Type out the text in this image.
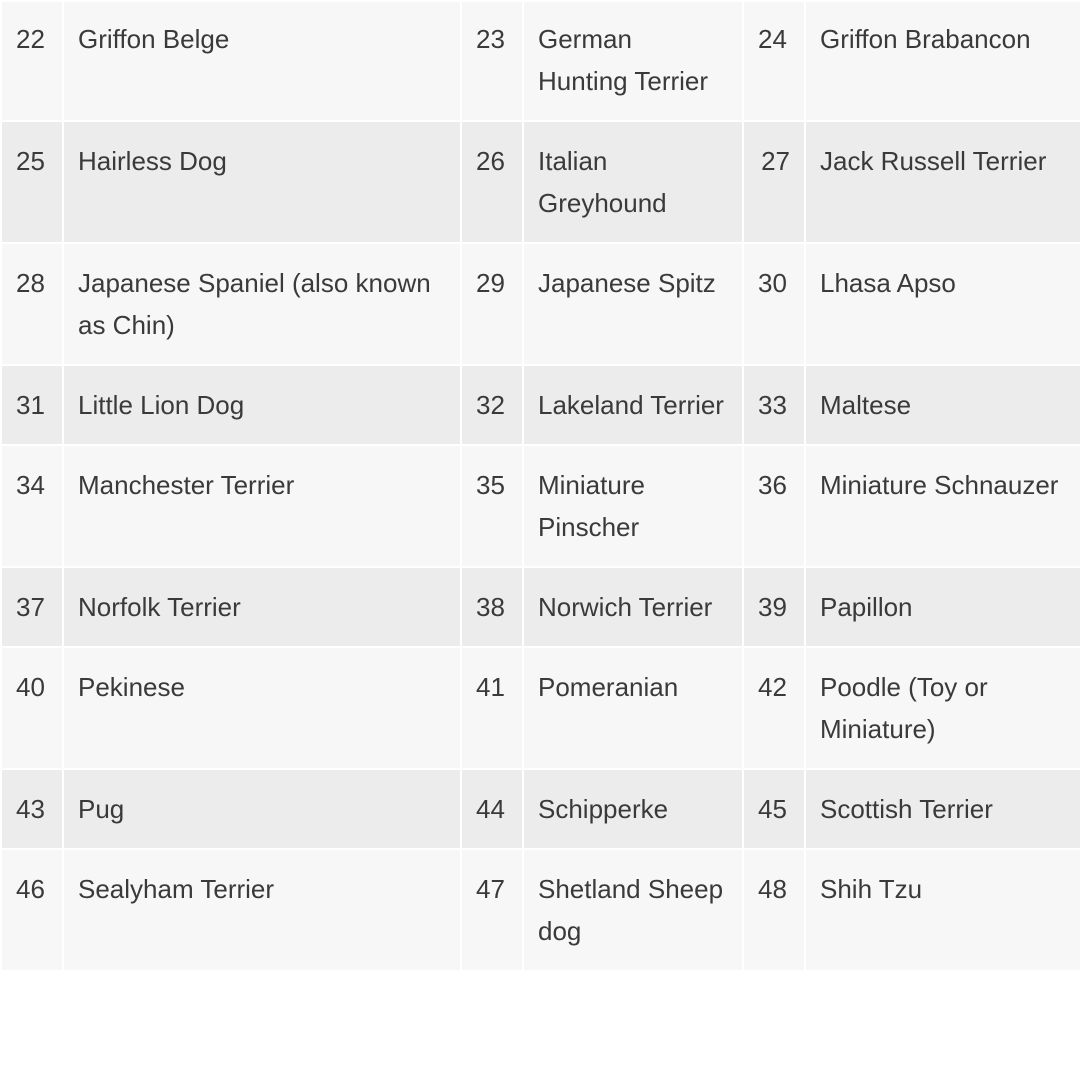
22	Griffon Belge	23	German Hunting Terrier	24	Griffon Brabancon
25	Hairless Dog	26	Italian Greyhound	27	Jack Russell Terrier
28	Japanese Spaniel (also known as Chin)	29	Japanese Spitz	30	Lhasa Apso
31	Little Lion Dog	32	Lakeland Terrier	33	Maltese
34	Manchester Terrier	35	Miniature Pinscher	36	Miniature Schnauzer
37	Norfolk Terrier	38	Norwich Terrier	39	Papillon
40	Pekinese	41	Pomeranian	42	Poodle (Toy or Miniature)
43	Pug	44	Schipperke	45	Scottish Terrier
46	Sealyham Terrier	47	Shetland Sheep dog	48	Shih Tzu
